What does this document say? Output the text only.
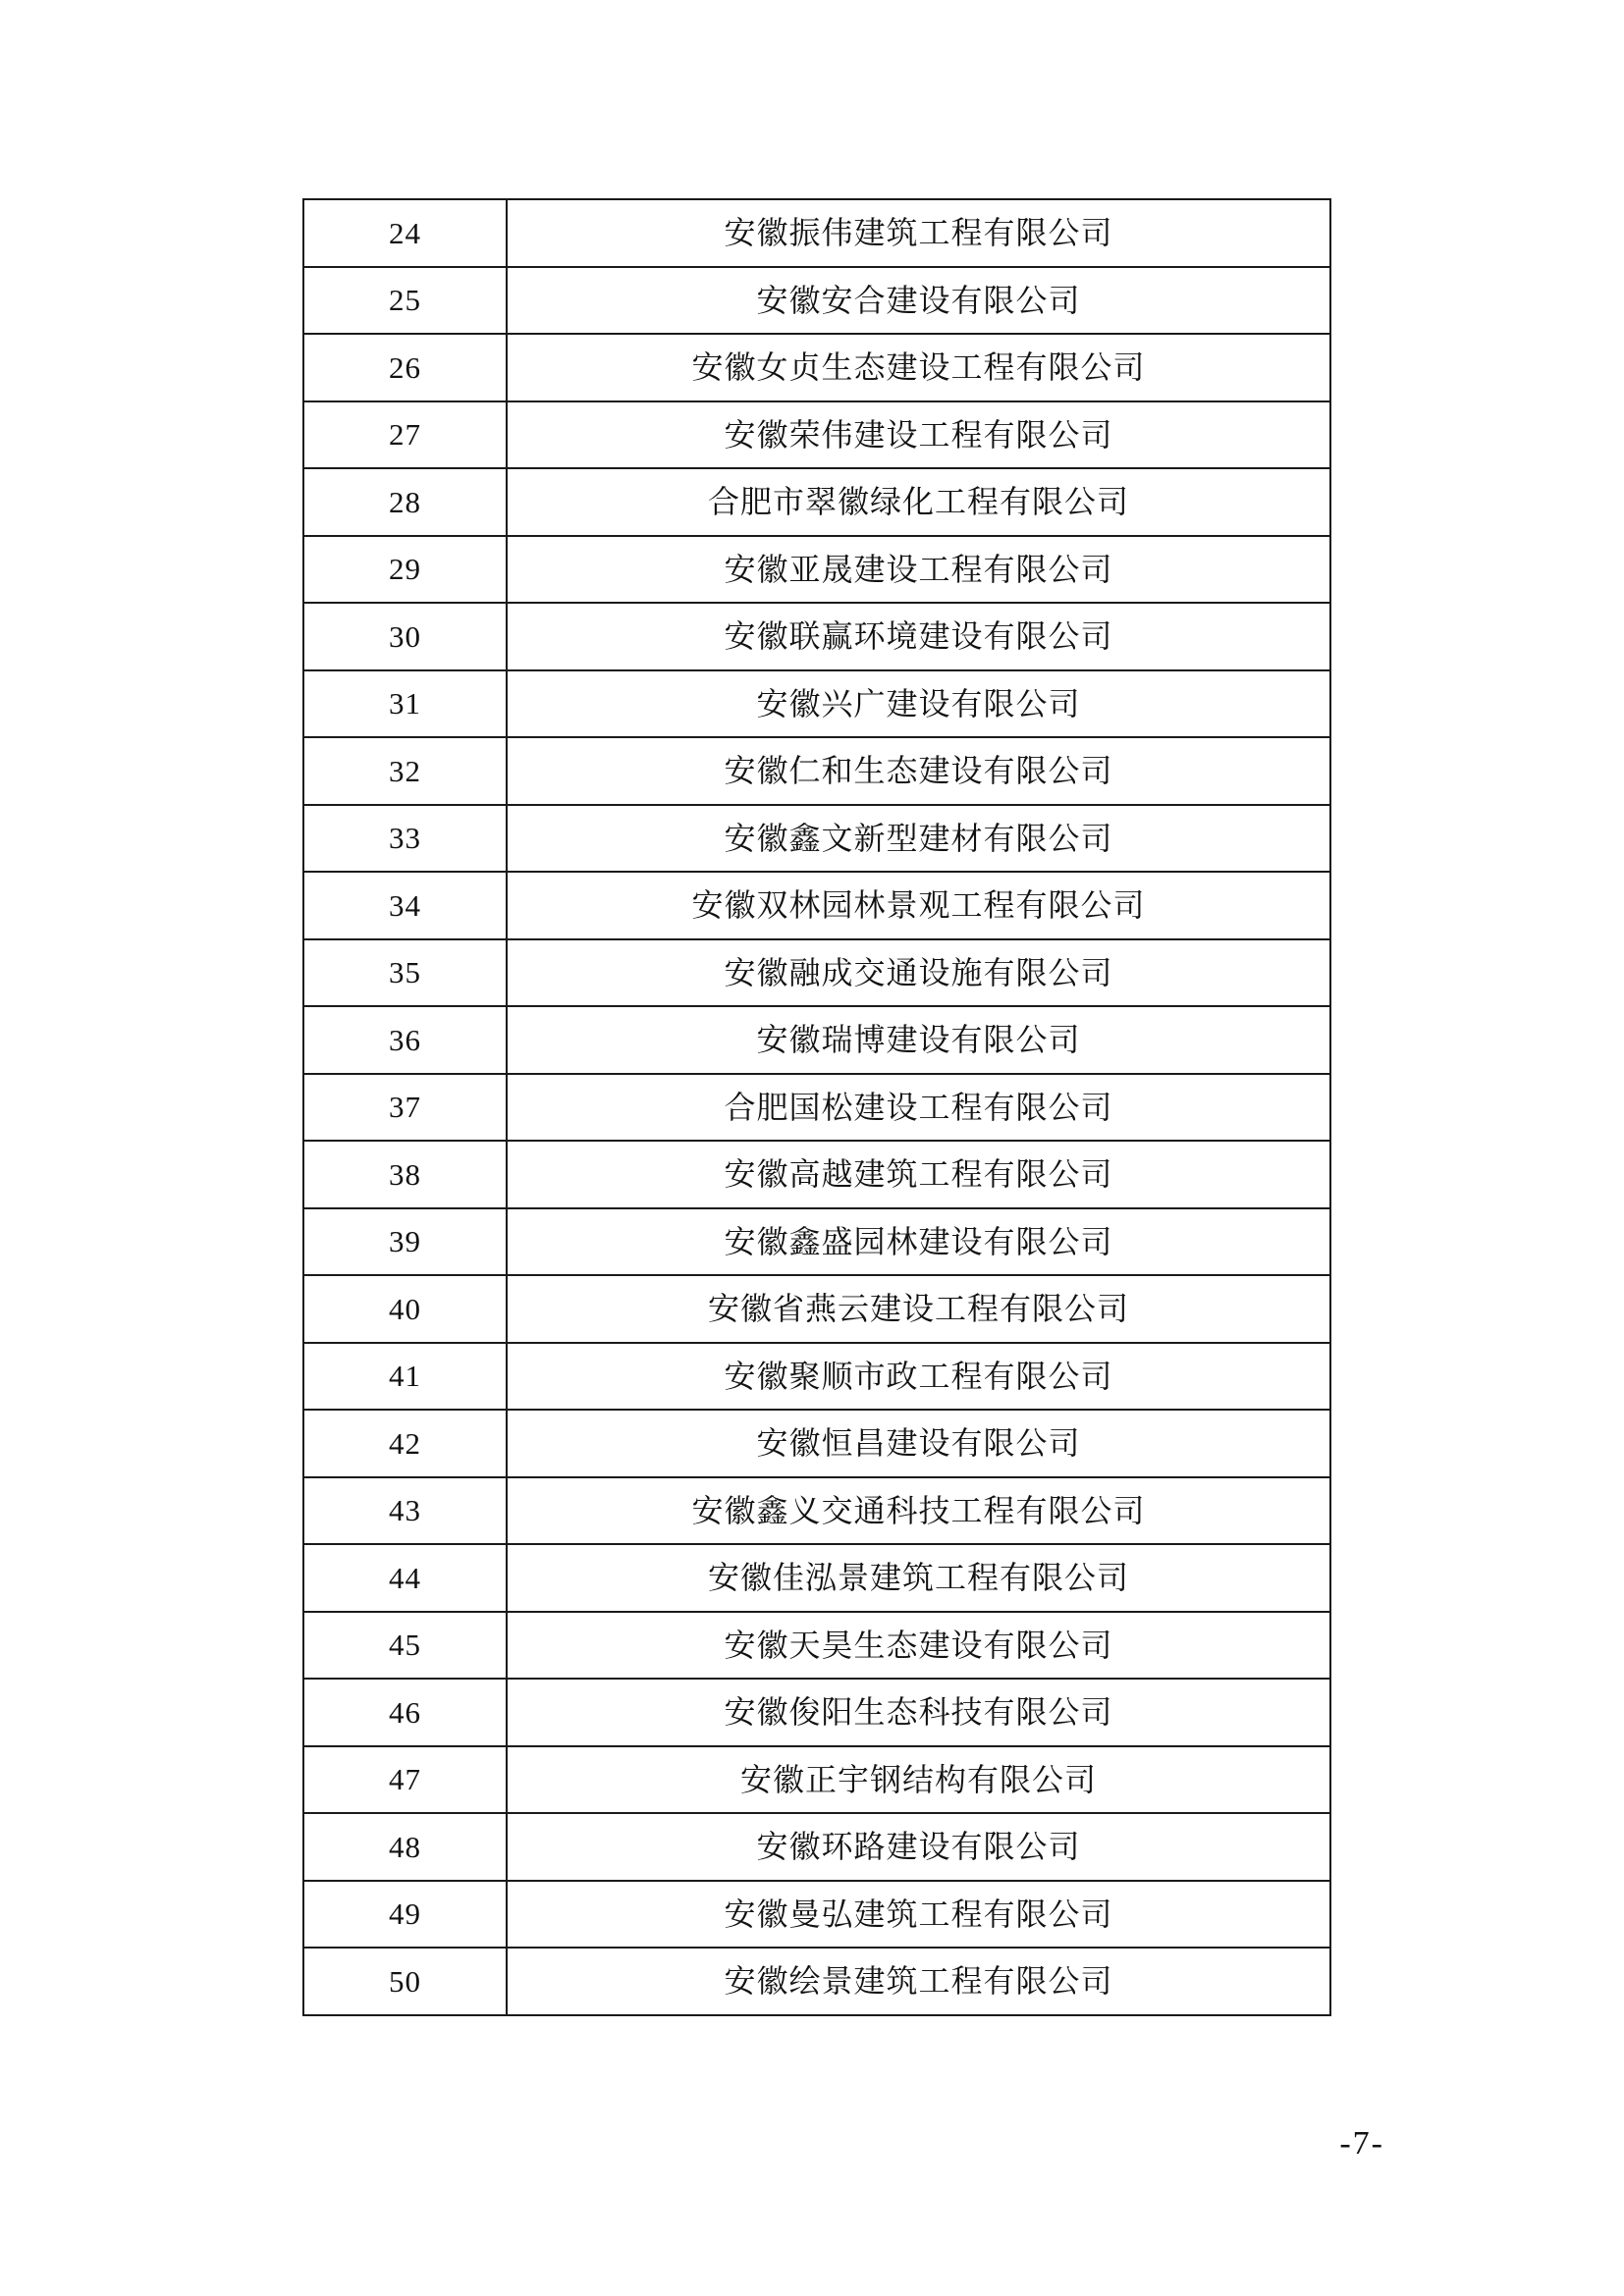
24	安徽振伟建筑工程有限公司
25	安徽安合建设有限公司
26	安徽女贞生态建设工程有限公司
27	安徽荣伟建设工程有限公司
28	合肥市翠徽绿化工程有限公司
29	安徽亚晟建设工程有限公司
30	安徽联赢环境建设有限公司
31	安徽兴广建设有限公司
32	安徽仁和生态建设有限公司
33	安徽鑫文新型建材有限公司
34	安徽双林园林景观工程有限公司
35	安徽融成交通设施有限公司
36	安徽瑞博建设有限公司
37	合肥国松建设工程有限公司
38	安徽高越建筑工程有限公司
39	安徽鑫盛园林建设有限公司
40	安徽省燕云建设工程有限公司
41	安徽聚顺市政工程有限公司
42	安徽恒昌建设有限公司
43	安徽鑫义交通科技工程有限公司
44	安徽佳泓景建筑工程有限公司
45	安徽天昊生态建设有限公司
46	安徽俊阳生态科技有限公司
47	安徽正宇钢结构有限公司
48	安徽环路建设有限公司
49	安徽曼弘建筑工程有限公司
50	安徽绘景建筑工程有限公司
-7-
